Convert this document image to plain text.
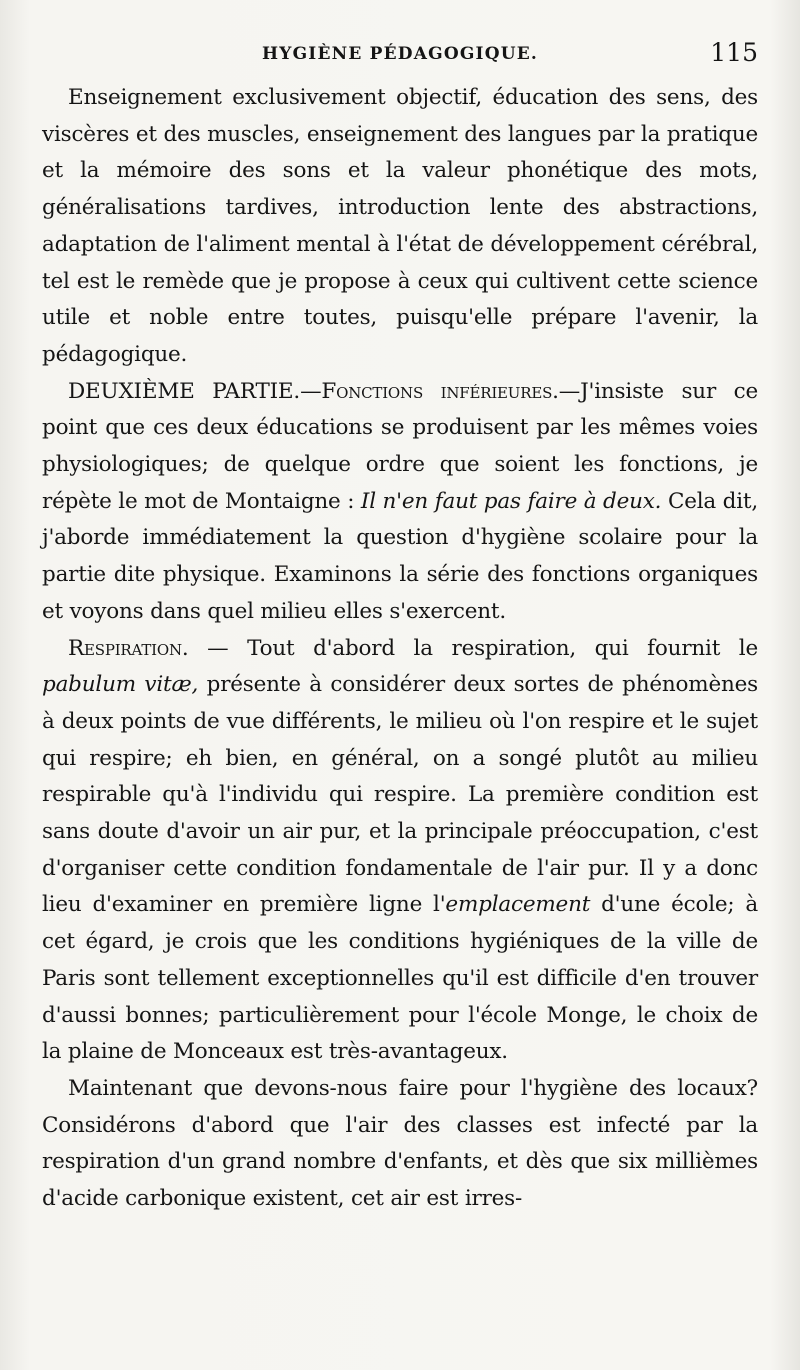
HYGIÈNE PÉDAGOGIQUE.	115

Enseignement exclusivement objectif, éducation des sens, des viscères et des muscles, enseignement des langues par la pratique et la mémoire des sons et la valeur phonétique des mots, généralisations tardives, introduction lente des abstractions, adaptation de l'aliment mental à l'état de développement cérébral, tel est le remède que je propose à ceux qui cultivent cette science utile et noble entre toutes, puisqu'elle prépare l'avenir, la pédagogique.

DEUXIÈME PARTIE.—Fonctions inférieures.—J'insiste sur ce point que ces deux éducations se produisent par les mêmes voies physiologiques; de quelque ordre que soient les fonctions, je répète le mot de Montaigne : Il n'en faut pas faire à deux. Cela dit, j'aborde immédiatement la question d'hygiène scolaire pour la partie dite physique. Examinons la série des fonctions organiques et voyons dans quel milieu elles s'exercent.

Respiration. — Tout d'abord la respiration, qui fournit le pabulum vitæ, présente à considérer deux sortes de phénomènes à deux points de vue différents, le milieu où l'on respire et le sujet qui respire; eh bien, en général, on a songé plutôt au milieu respirable qu'à l'individu qui respire. La première condition est sans doute d'avoir un air pur, et la principale préoccupation, c'est d'organiser cette condition fondamentale de l'air pur. Il y a donc lieu d'examiner en première ligne l'emplacement d'une école; à cet égard, je crois que les conditions hygiéniques de la ville de Paris sont tellement exceptionnelles qu'il est difficile d'en trouver d'aussi bonnes; particulièrement pour l'école Monge, le choix de la plaine de Monceaux est très-avantageux.

Maintenant que devons-nous faire pour l'hygiène des locaux? Considérons d'abord que l'air des classes est infecté par la respiration d'un grand nombre d'enfants, et dès que six millièmes d'acide carbonique existent, cet air est irres-
